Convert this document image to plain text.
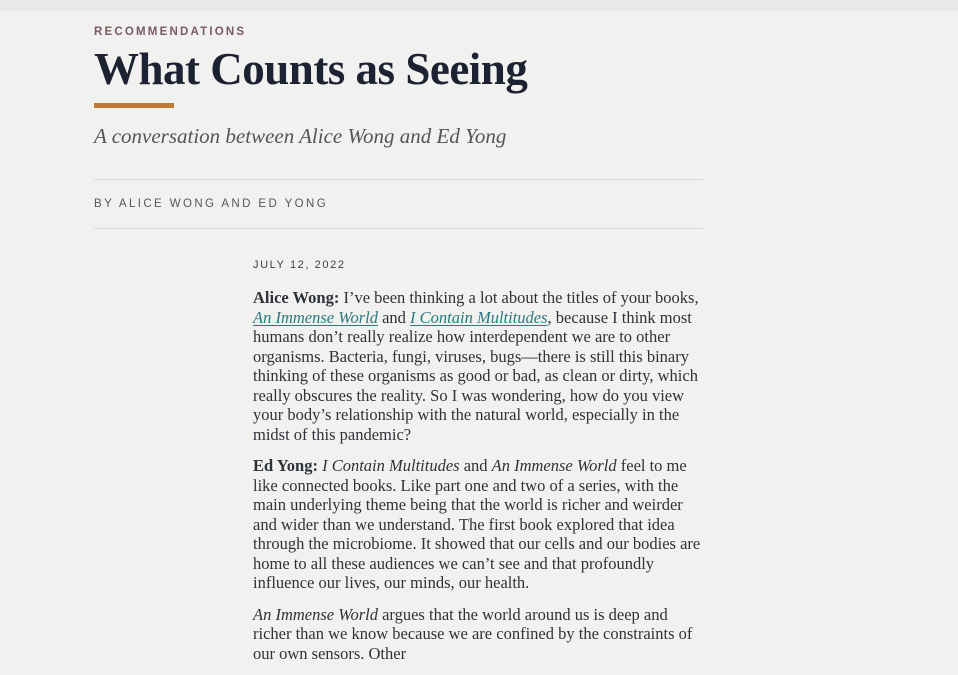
RECOMMENDATIONS
What Counts as Seeing
A conversation between Alice Wong and Ed Yong
BY ALICE WONG AND ED YONG
JULY 12, 2022

Alice Wong: I’ve been thinking a lot about the titles of your books, An Immense World and I Contain Multitudes, because I think most humans don’t really realize how interdependent we are to other organisms. Bacteria, fungi, viruses, bugs—there is still this binary thinking of these organisms as good or bad, as clean or dirty, which really obscures the reality. So I was wondering, how do you view your body’s relationship with the natural world, especially in the midst of this pandemic?

Ed Yong: I Contain Multitudes and An Immense World feel to me like connected books. Like part one and two of a series, with the main underlying theme being that the world is richer and weirder and wider than we understand. The first book explored that idea through the microbiome. It showed that our cells and our bodies are home to all these audiences we can’t see and that profoundly influence our lives, our minds, our health.

An Immense World argues that the world around us is deep and richer than we know because we are confined by the constraints of our own sensors. Other
